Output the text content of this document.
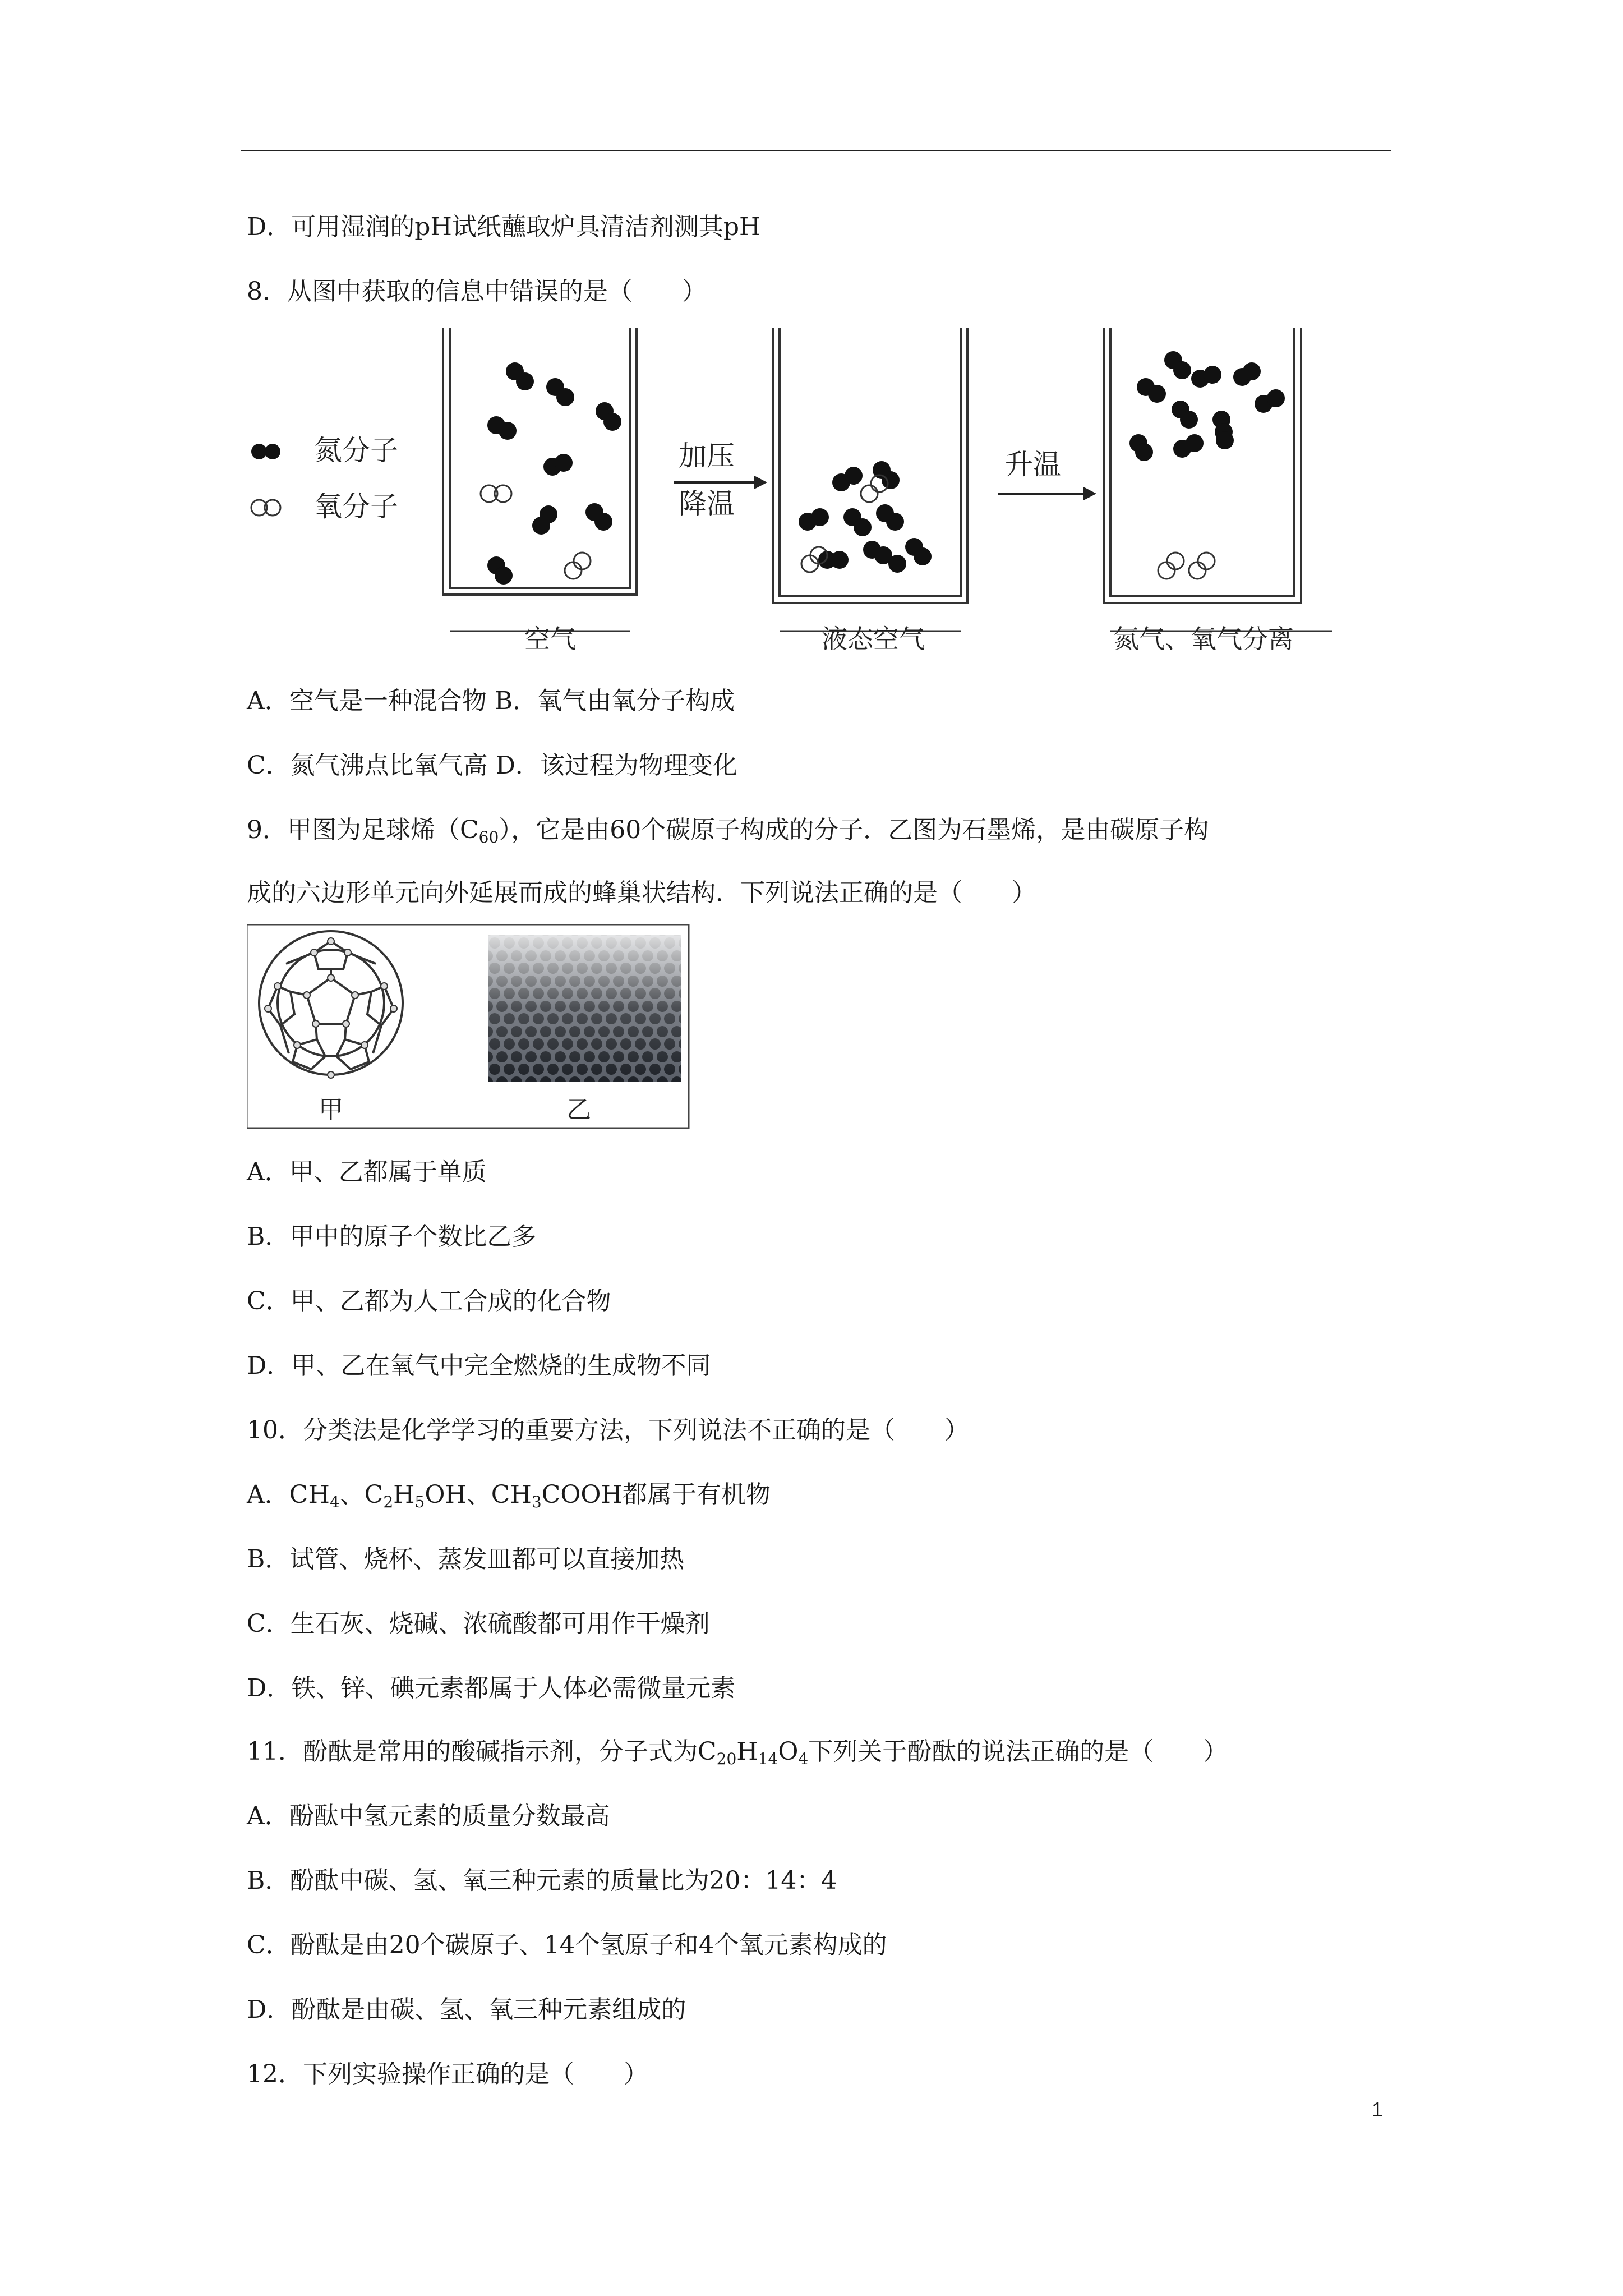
D．可用湿润的pH试纸蘸取炉具清洁剂测其pH
8．从图中获取的信息中错误的是（　　）
氮分子
氧分子
空气
加压
降温
液态空气
升温
氮气、氧气分离
A．空气是一种混合物 B．氧气由氧分子构成
C．氮气沸点比氧气高 D．该过程为物理变化
9．甲图为足球烯$(C_{60})$，它是由60个碳原子构成的分子．乙图为石墨烯，是由碳原子构
成的六边形单元向外延展而成的蜂巢状结构．下列说法正确的是（　　）
甲	乙
A．甲、乙都属于单质
B．甲中的原子个数比乙多
C．甲、乙都为人工合成的化合物
D．甲、乙在氧气中完全燃烧的生成物不同
10．分类法是化学学习的重要方法，下列说法不正确的是（　　）
A．$CH_4$、$C_2H_5OH$、$CH_3COOH$都属于有机物
B．试管、烧杯、蒸发皿都可以直接加热
C．生石灰、烧碱、浓硫酸都可用作干燥剂
D．铁、锌、碘元素都属于人体必需微量元素
11．酚酞是常用的酸碱指示剂，分子式为$C_{20}H_{14}O_4$下列关于酚酞的说法正确的是（　　）
A．酚酞中氢元素的质量分数最高
B．酚酞中碳、氢、氧三种元素的质量比为20：14：4
C．酚酞是由20个碳原子、14个氢原子和4个氧元素构成的
D．酚酞是由碳、氢、氧三种元素组成的
12．下列实验操作正确的是（　　）
1
